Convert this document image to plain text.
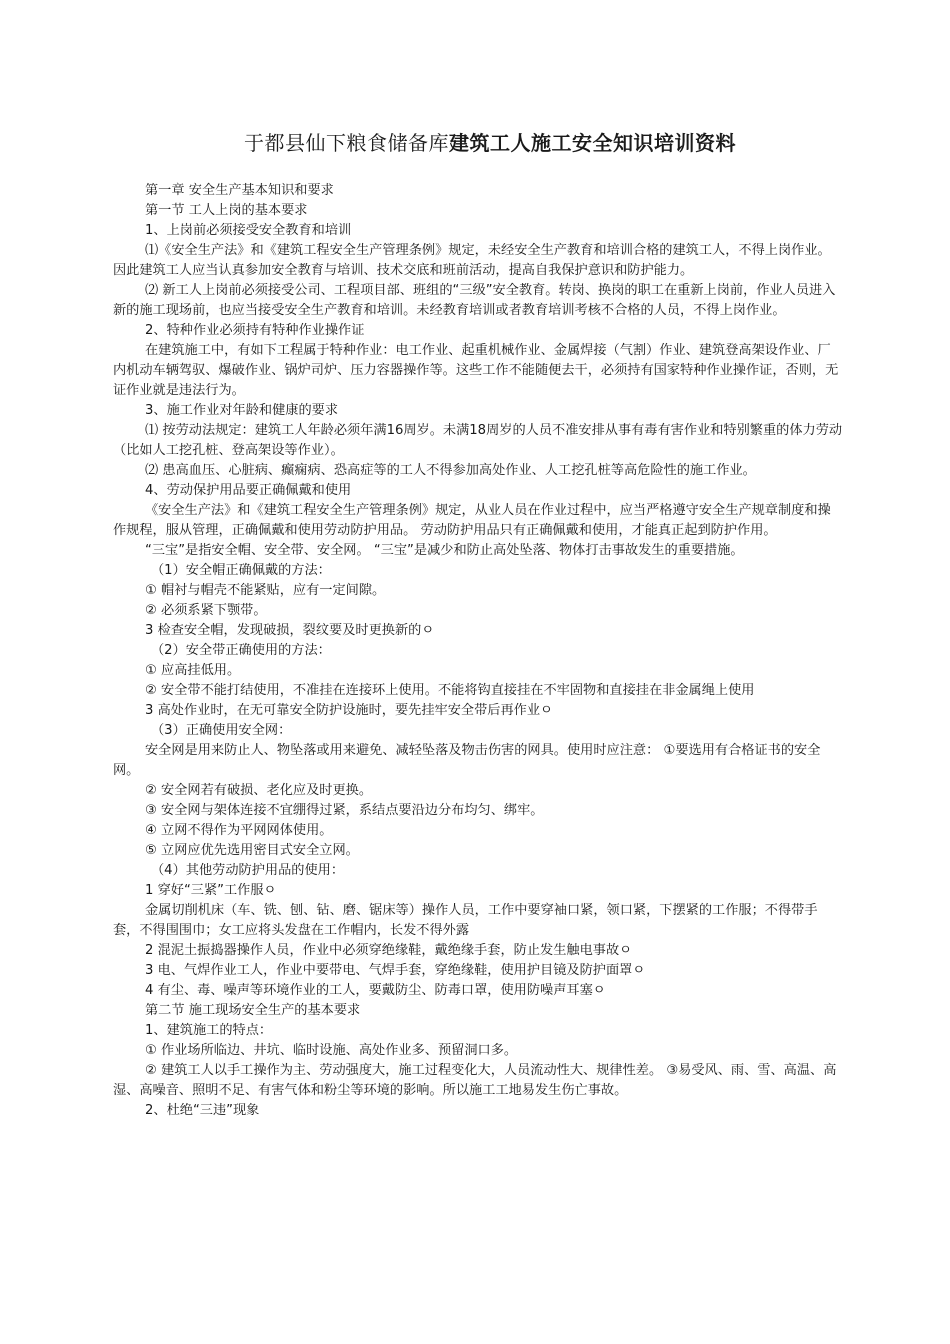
于都县仙下粮食储备库建筑工人施工安全知识培训资料

第一章 安全生产基本知识和要求

第一节 工人上岗的基本要求

1、上岗前必须接受安全教育和培训

⑴《安全生产法》和《建筑工程安全生产管理条例》规定，未经安全生产教育和培训合格的建筑工人，不得上岗作业。因此建筑工人应当认真参加安全教育与培训、技术交底和班前活动，提高自我保护意识和防护能力。

⑵ 新工人上岗前必须接受公司、工程项目部、班组的“三级”安全教育。转岗、换岗的职工在重新上岗前，作业人员进入新的施工现场前，也应当接受安全生产教育和培训。未经教育培训或者教育培训考核不合格的人员，不得上岗作业。

2、特种作业必须持有特种作业操作证

在建筑施工中，有如下工程属于特种作业：电工作业、起重机械作业、金属焊接（气割）作业、建筑登高架设作业、厂内机动车辆驾驭、爆破作业、锅炉司炉、压力容器操作等。这些工作不能随便去干，必须持有国家特种作业操作证，否则，无证作业就是违法行为。

3、施工作业对年龄和健康的要求

⑴ 按劳动法规定：建筑工人年龄必须年满16周岁。未满18周岁的人员不准安排从事有毒有害作业和特别繁重的体力劳动（比如人工挖孔桩、登高架设等作业）。

⑵ 患高血压、心脏病、癫痫病、恐高症等的工人不得参加高处作业、人工挖孔桩等高危险性的施工作业。

4、劳动保护用品要正确佩戴和使用

《安全生产法》和《建筑工程安全生产管理条例》规定，从业人员在作业过程中，应当严格遵守安全生产规章制度和操作规程，服从管理，正确佩戴和使用劳动防护用品。 劳动防护用品只有正确佩戴和使用，才能真正起到防护作用。

“三宝”是指安全帽、安全带、安全网。 “三宝”是减少和防止高处坠落、物体打击事故发生的重要措施。

（1）安全帽正确佩戴的方法：

① 帽衬与帽壳不能紧贴，应有一定间隙。

② 必须系紧下颚带。

3 检查安全帽，发现破损，裂纹要及时更换新的ㅇ

（2）安全带正确使用的方法：

① 应高挂低用。

② 安全带不能打结使用，不准挂在连接环上使用。不能将钩直接挂在不牢固物和直接挂在非金属绳上使用

3 高处作业时，在无可靠安全防护设施时，要先挂牢安全带后再作业ㅇ

（3）正确使用安全网：

安全网是用来防止人、物坠落或用来避免、减轻坠落及物击伤害的网具。使用时应注意： ①要选用有合格证书的安全网。

② 安全网若有破损、老化应及时更换。

③ 安全网与架体连接不宜绷得过紧，系结点要沿边分布均匀、绑牢。

④ 立网不得作为平网网体使用。

⑤ 立网应优先选用密目式安全立网。

（4）其他劳动防护用品的使用：

1 穿好“三紧”工作服ㅇ

金属切削机床（车、铣、刨、钻、磨、锯床等）操作人员，工作中要穿袖口紧，领口紧，下摆紧的工作服；不得带手套，不得围围巾；女工应将头发盘在工作帽内，长发不得外露

2 混泥土振捣器操作人员，作业中必须穿绝缘鞋，戴绝缘手套，防止发生触电事故ㅇ

3 电、气焊作业工人，作业中要带电、气焊手套，穿绝缘鞋，使用护目镜及防护面罩ㅇ

4 有尘、毒、噪声等环境作业的工人，要戴防尘、防毒口罩，使用防噪声耳塞ㅇ

第二节 施工现场安全生产的基本要求

1、建筑施工的特点：

① 作业场所临边、井坑、临时设施、高处作业多、预留洞口多。

② 建筑工人以手工操作为主、劳动强度大，施工过程变化大，人员流动性大、规律性差。 ③易受风、雨、雪、高温、高湿、高噪音、照明不足、有害气体和粉尘等环境的影响。所以施工工地易发生伤亡事故。

2、杜绝“三违”现象
